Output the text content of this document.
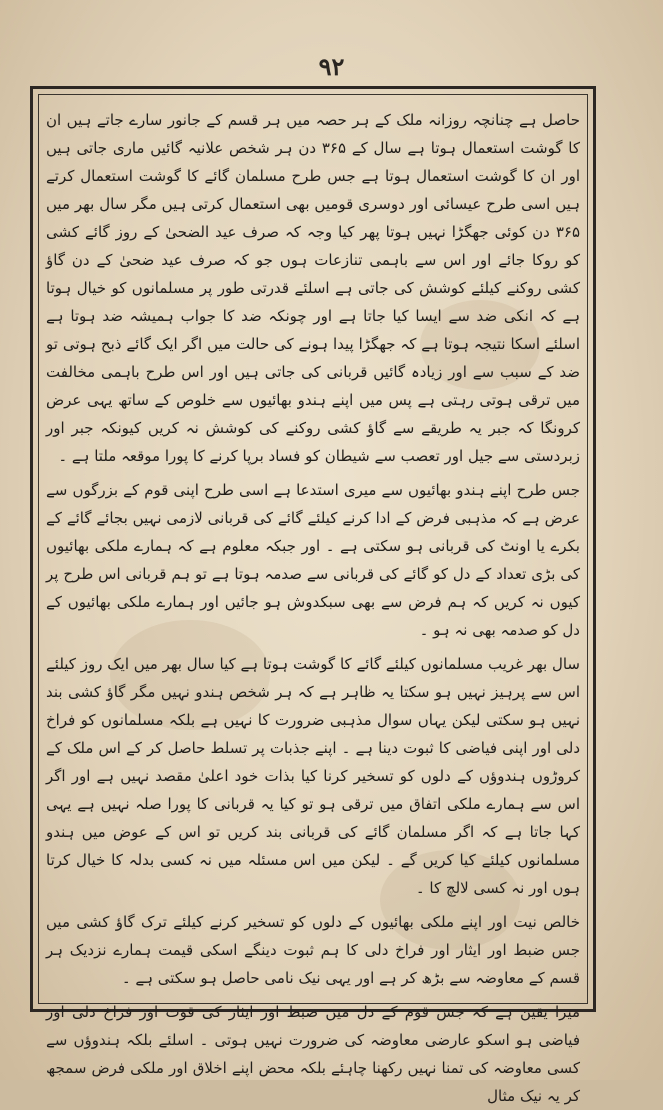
۹۲

حاصل ہے چنانچہ روزانہ ملک کے ہر حصہ میں ہر قسم کے جانور سارے جاتے ہیں ان کا گوشت استعمال ہوتا ہے سال کے ۳۶۵ دن ہر شخص علانیہ گائیں ماری جاتی ہیں اور ان کا گوشت استعمال ہوتا ہے جس طرح مسلمان گائے کا گوشت استعمال کرتے ہیں اسی طرح عیسائی اور دوسری قومیں بھی استعمال کرتی ہیں مگر سال بھر میں ۳۶۵ دن کوئی جھگڑا نہیں ہوتا پھر کیا وجہ کہ صرف عید الضحیٰ کے روز گائے کشی کو روکا جائے اور اس سے باہمی تنازعات ہوں جو کہ صرف عید ضحیٰ کے دن گاؤ کشی روکنے کیلئے کوشش کی جاتی ہے اسلئے قدرتی طور پر مسلمانوں کو خیال ہوتا ہے کہ انکی ضد سے ایسا کیا جاتا ہے اور چونکہ ضد کا جواب ہمیشہ ضد ہوتا ہے اسلئے اسکا نتیجہ ہوتا ہے کہ جھگڑا پیدا ہونے کی حالت میں اگر ایک گائے ذبح ہوتی تو ضد کے سبب سے اور زیادہ گائیں قربانی کی جاتی ہیں اور اس طرح باہمی مخالفت میں ترقی ہوتی رہتی ہے پس میں اپنے ہندو بھائیوں سے خلوص کے ساتھ یہی عرض کرونگا کہ جبر یہ طریقے سے گاؤ کشی روکنے کی کوشش نہ کریں کیونکہ جبر اور زبردستی سے جیل اور تعصب سے شیطان کو فساد برپا کرنے کا پورا موقعہ ملتا ہے ۔

جس طرح اپنے ہندو بھائیوں سے میری استدعا ہے اسی طرح اپنی قوم کے بزرگوں سے عرض ہے کہ مذہبی فرض کے ادا کرنے کیلئے گائے کی قربانی لازمی نہیں بجائے گائے کے بکرے یا اونٹ کی قربانی ہو سکتی ہے ۔ اور جبکہ معلوم ہے کہ ہمارے ملکی بھائیوں کی بڑی تعداد کے دل کو گائے کی قربانی سے صدمہ ہوتا ہے تو ہم قربانی اس طرح پر کیوں نہ کریں کہ ہم فرض سے بھی سبکدوش ہو جائیں اور ہمارے ملکی بھائیوں کے دل کو صدمہ بھی نہ ہو ۔

سال بھر غریب مسلمانوں کیلئے گائے کا گوشت ہوتا ہے کیا سال بھر میں ایک روز کیلئے اس سے پرہیز نہیں ہو سکتا یہ ظاہر ہے کہ ہر شخص ہندو نہیں مگر گاؤ کشی بند نہیں ہو سکتی لیکن یہاں سوال مذہبی ضرورت کا نہیں ہے بلکہ مسلمانوں کو فراخ دلی اور اپنی فیاضی کا ثبوت دینا ہے ۔ اپنے جذبات پر تسلط حاصل کر کے اس ملک کے کروڑوں ہندوؤں کے دلوں کو تسخیر کرنا کیا بذات خود اعلیٰ مقصد نہیں ہے اور اگر اس سے ہمارے ملکی اتفاق میں ترقی ہو تو کیا یہ قربانی کا پورا صلہ نہیں ہے یہی کہا جاتا ہے کہ اگر مسلمان گائے کی قربانی بند کریں تو اس کے عوض میں ہندو مسلمانوں کیلئے کیا کریں گے ۔ لیکن میں اس مسئلہ میں نہ کسی بدلہ کا خیال کرتا ہوں اور نہ کسی لالچ کا ۔

خالص نیت اور اپنے ملکی بھائیوں کے دلوں کو تسخیر کرنے کیلئے ترک گاؤ کشی میں جس ضبط اور ایثار اور فراخ دلی کا ہم ثبوت دینگے اسکی قیمت ہمارے نزدیک ہر قسم کے معاوضہ سے بڑھ کر ہے اور یہی نیک نامی حاصل ہو سکتی ہے ۔

میرا یقین ہے کہ جس قوم کے دل میں ضبط اور ایثار کی قوت اور فراخ دلی اور فیاضی ہو اسکو عارضی معاوضہ کی ضرورت نہیں ہوتی ۔ اسلئے بلکہ ہندوؤں سے کسی معاوضہ کی تمنا نہیں رکھنا چاہئے بلکہ محض اپنے اخلاق اور ملکی فرض سمجھ کر یہ نیک مثال
